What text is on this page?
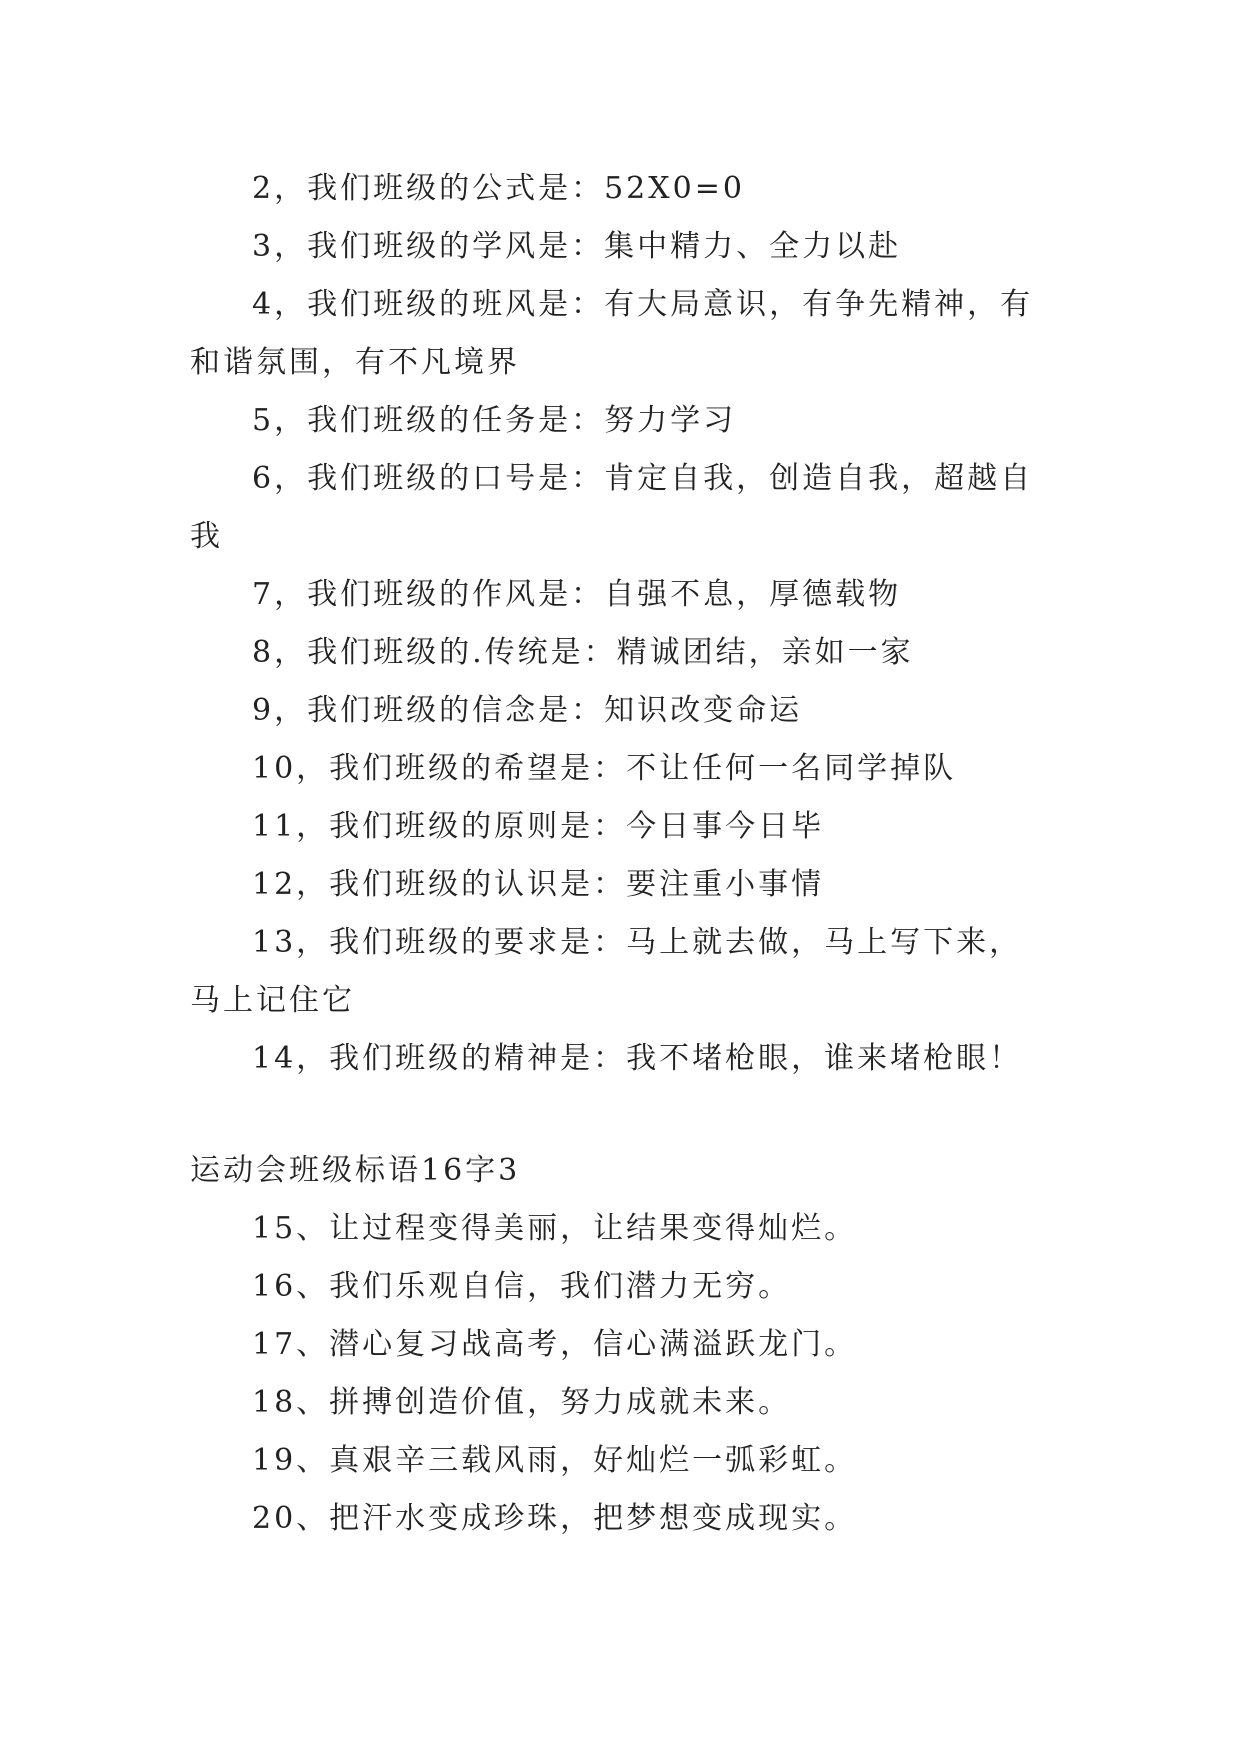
2，我们班级的公式是：52X0=0

3，我们班级的学风是：集中精力、全力以赴

4，我们班级的班风是：有大局意识，有争先精神，有和谐氛围，有不凡境界

5，我们班级的任务是：努力学习

6，我们班级的口号是：肯定自我，创造自我，超越自我

7，我们班级的作风是：自强不息，厚德载物

8，我们班级的.传统是：精诚团结，亲如一家

9，我们班级的信念是：知识改变命运

10，我们班级的希望是：不让任何一名同学掉队

11，我们班级的原则是：今日事今日毕

12，我们班级的认识是：要注重小事情

13，我们班级的要求是：马上就去做，马上写下来，马上记住它

14，我们班级的精神是：我不堵枪眼，谁来堵枪眼！

运动会班级标语16字3

15、让过程变得美丽，让结果变得灿烂。

16、我们乐观自信，我们潜力无穷。

17、潜心复习战高考，信心满溢跃龙门。

18、拼搏创造价值，努力成就未来。

19、真艰辛三载风雨，好灿烂一弧彩虹。

20、把汗水变成珍珠，把梦想变成现实。
